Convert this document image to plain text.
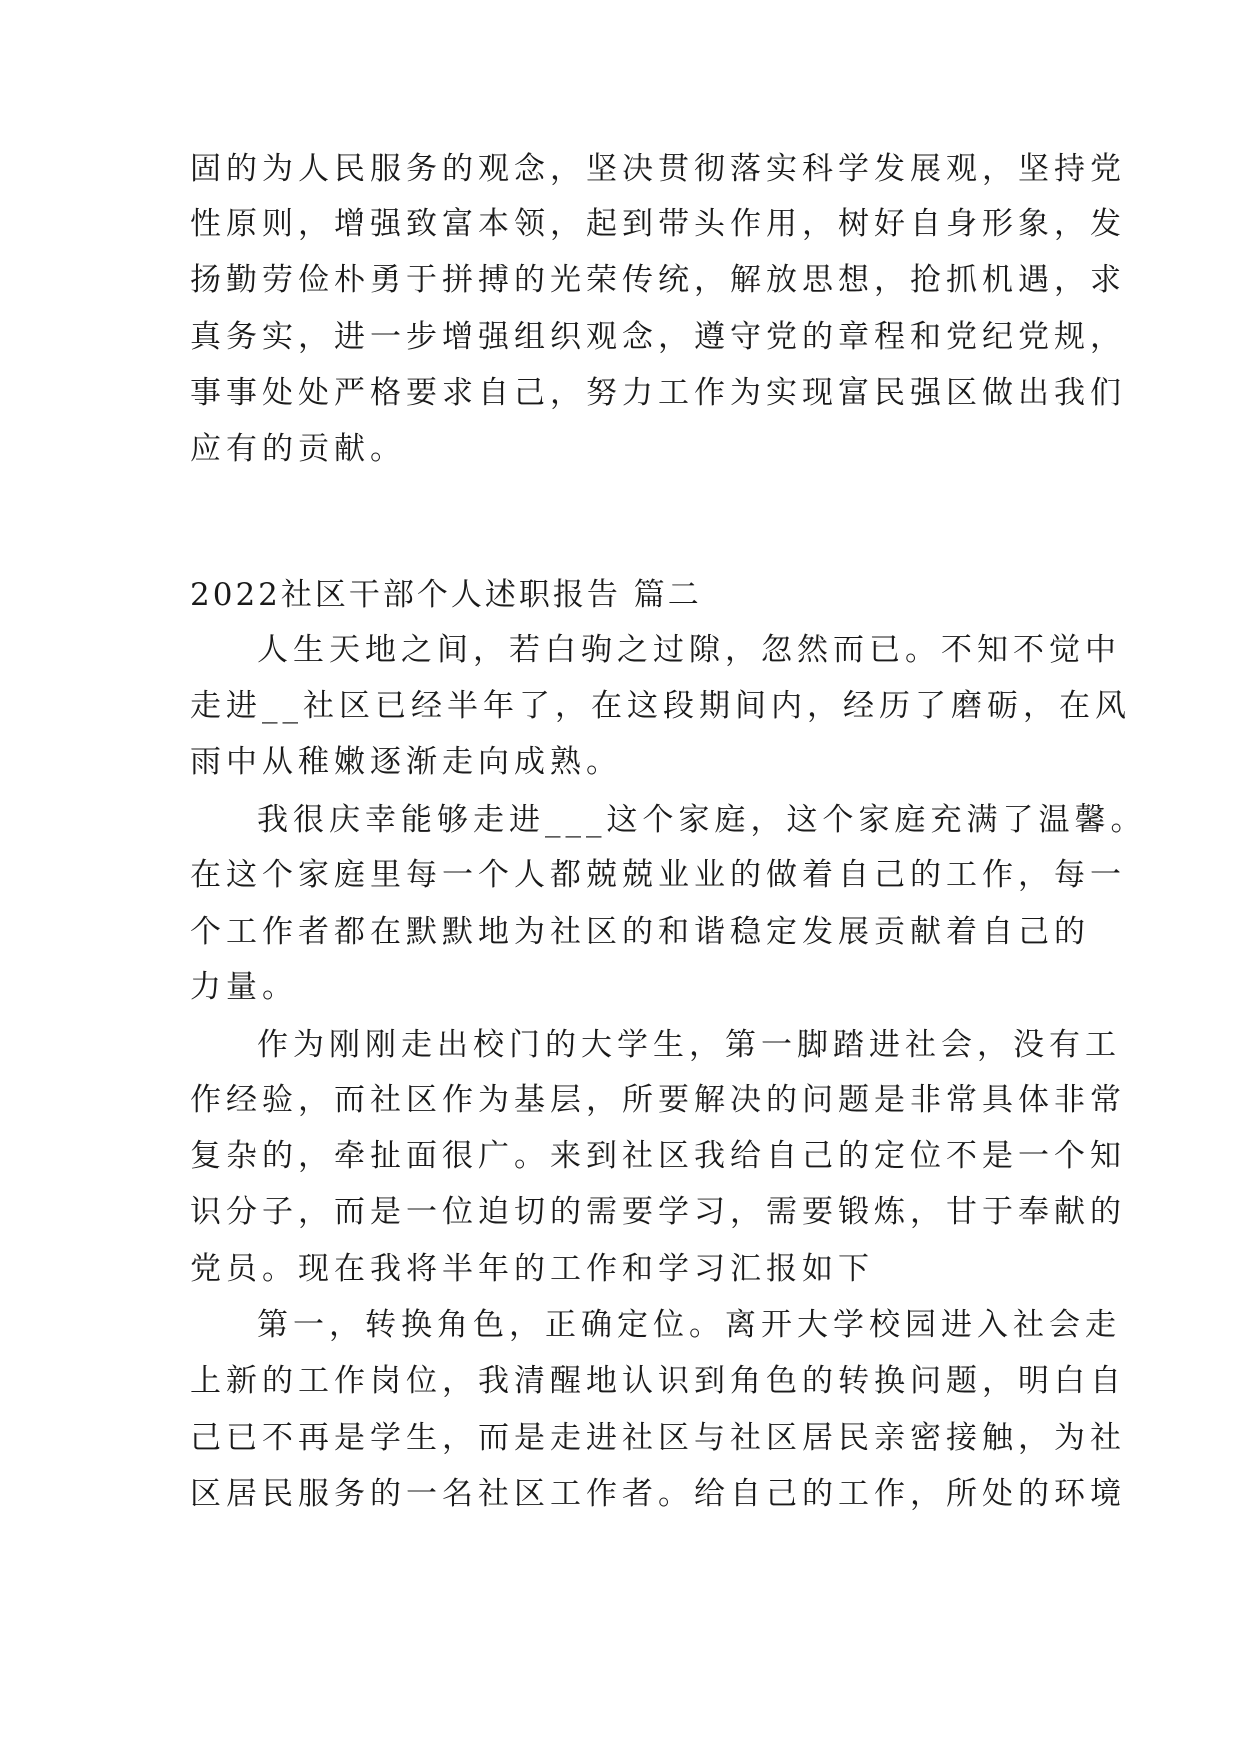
固的为人民服务的观念，坚决贯彻落实科学发展观，坚持党
性原则，增强致富本领，起到带头作用，树好自身形象，发
扬勤劳俭朴勇于拼搏的光荣传统，解放思想，抢抓机遇，求
真务实，进一步增强组织观念，遵守党的章程和党纪党规，
事事处处严格要求自己，努力工作为实现富民强区做出我们
应有的贡献。
2022社区干部个人述职报告 篇二
人生天地之间，若白驹之过隙，忽然而已。不知不觉中
走进__社区已经半年了，在这段期间内，经历了磨砺，在风
雨中从稚嫩逐渐走向成熟。
我很庆幸能够走进___这个家庭，这个家庭充满了温馨。
在这个家庭里每一个人都兢兢业业的做着自己的工作，每一
个工作者都在默默地为社区的和谐稳定发展贡献着自己的
力量。
作为刚刚走出校门的大学生，第一脚踏进社会，没有工
作经验，而社区作为基层，所要解决的问题是非常具体非常
复杂的，牵扯面很广。来到社区我给自己的定位不是一个知
识分子，而是一位迫切的需要学习，需要锻炼，甘于奉献的
党员。现在我将半年的工作和学习汇报如下
第一，转换角色，正确定位。离开大学校园进入社会走
上新的工作岗位，我清醒地认识到角色的转换问题，明白自
己已不再是学生，而是走进社区与社区居民亲密接触，为社
区居民服务的一名社区工作者。给自己的工作，所处的环境
